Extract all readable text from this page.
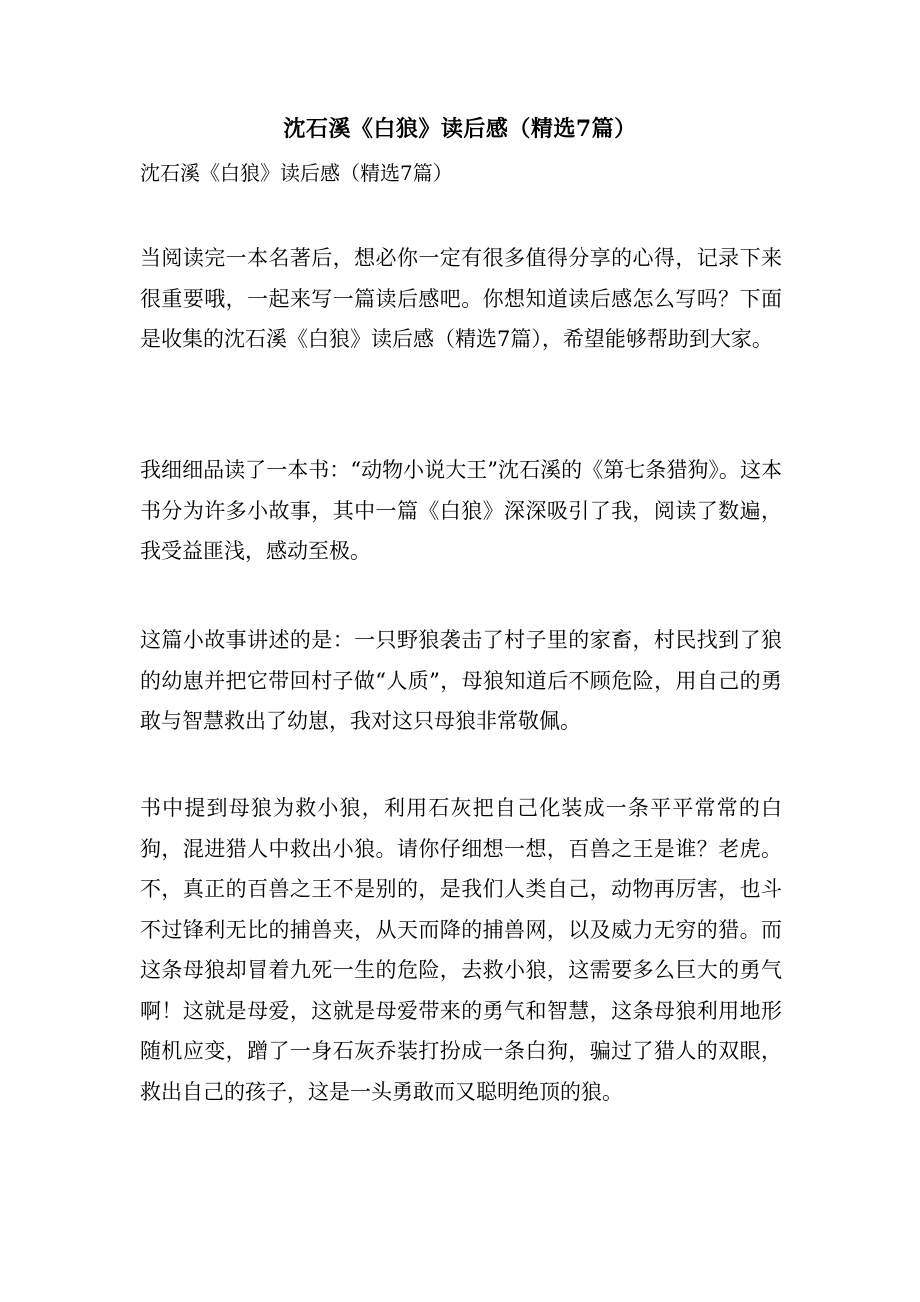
沈石溪《白狼》读后感（精选7篇）
沈石溪《白狼》读后感（精选7篇）
当阅读完一本名著后，想必你一定有很多值得分享的心得，记录下来很重要哦，一起来写一篇读后感吧。你想知道读后感怎么写吗？下面是收集的沈石溪《白狼》读后感（精选7篇），希望能够帮助到大家。
我细细品读了一本书：“动物小说大王”沈石溪的《第七条猎狗》。这本书分为许多小故事，其中一篇《白狼》深深吸引了我，阅读了数遍，我受益匪浅，感动至极。
这篇小故事讲述的是：一只野狼袭击了村子里的家畜，村民找到了狼的幼崽并把它带回村子做“人质”，母狼知道后不顾危险，用自己的勇敢与智慧救出了幼崽，我对这只母狼非常敬佩。
书中提到母狼为救小狼，利用石灰把自己化装成一条平平常常的白狗，混进猎人中救出小狼。请你仔细想一想，百兽之王是谁？老虎。不，真正的百兽之王不是别的，是我们人类自己，动物再厉害，也斗不过锋利无比的捕兽夹，从天而降的捕兽网，以及威力无穷的猎。而这条母狼却冒着九死一生的危险，去救小狼，这需要多么巨大的勇气啊！这就是母爱，这就是母爱带来的勇气和智慧，这条母狼利用地形随机应变，蹭了一身石灰乔装打扮成一条白狗，骗过了猎人的双眼，救出自己的孩子，这是一头勇敢而又聪明绝顶的狼。
